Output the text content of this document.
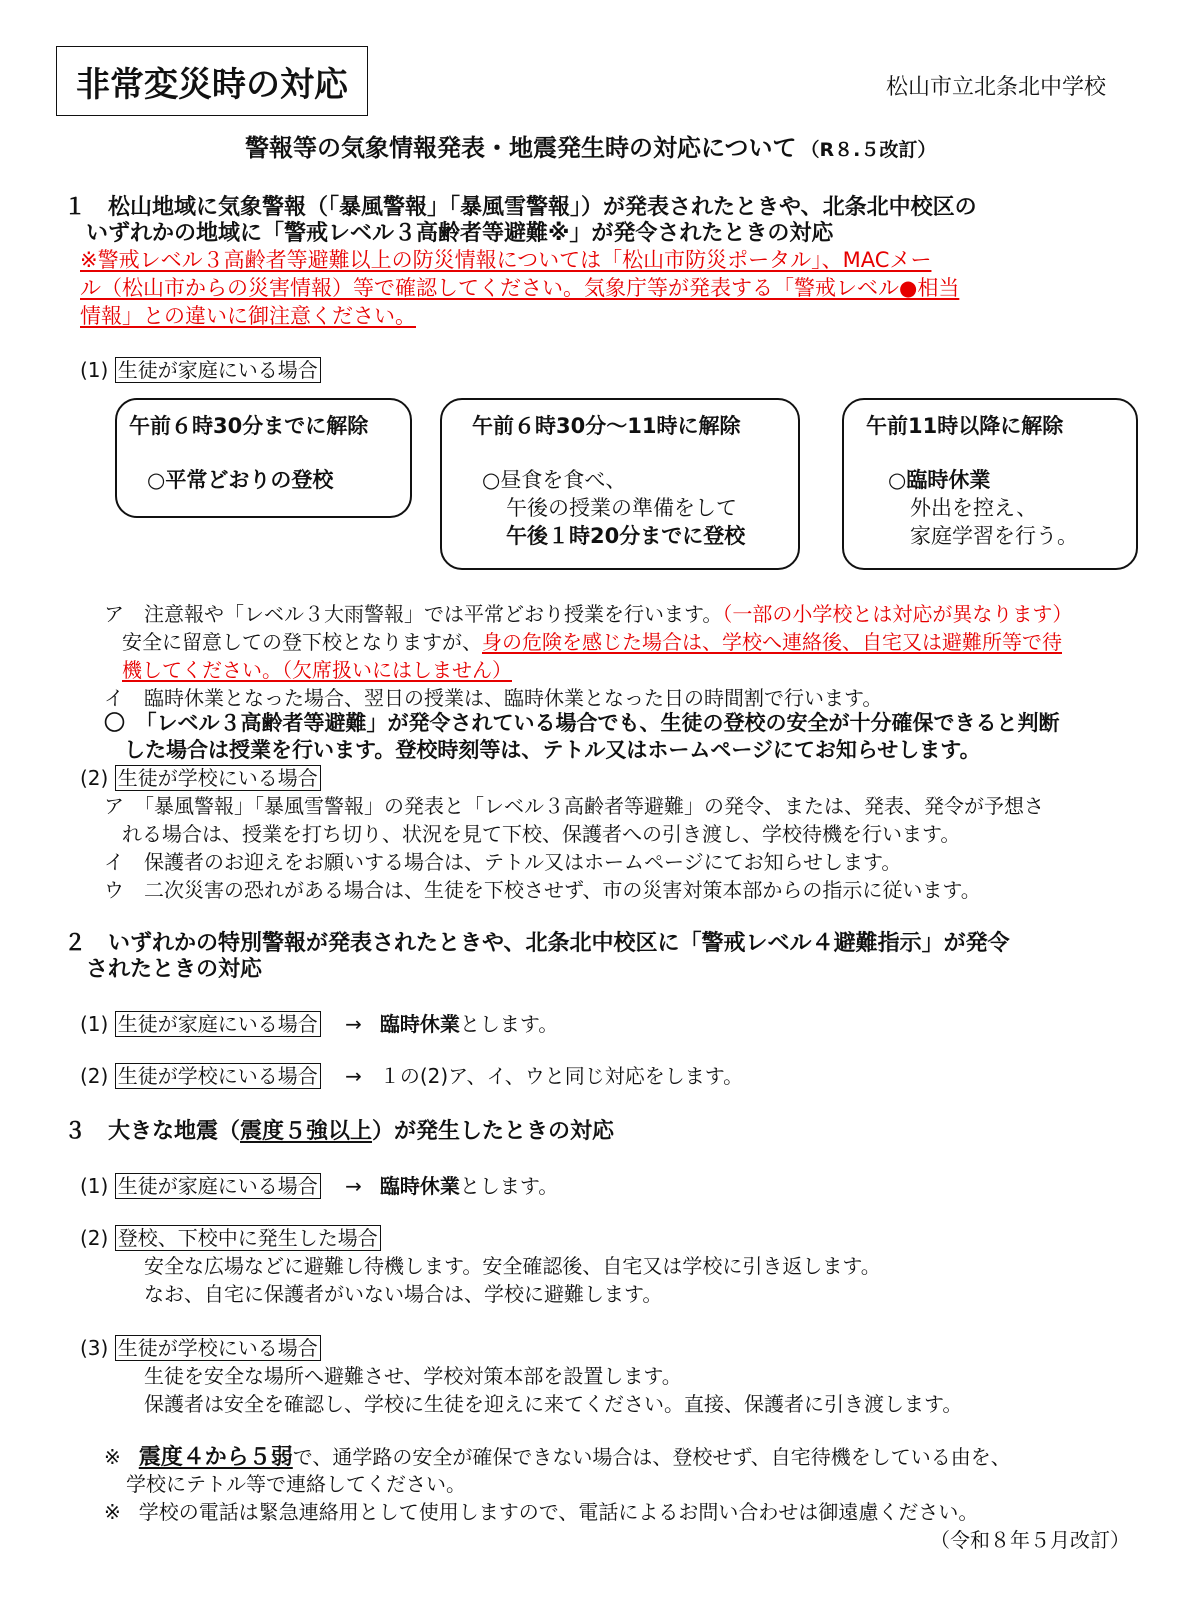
非常変災時の対応	松山市立北条北中学校
警報等の気象情報発表・地震発生時の対応について （R８.５改訂）
１　松山地域に気象警報（「暴風警報」「暴風雪警報」）が発表されたときや、北条北中校区の
いずれかの地域に「警戒レベル３高齢者等避難※」が発令されたときの対応
※警戒レベル３高齢者等避難以上の防災情報については「松山市防災ポータル」、MACメー
ル（松山市からの災害情報）等で確認してください。気象庁等が発表する「警戒レベル●相当
情報」との違いに御注意ください。
(1) 生徒が家庭にいる場合
午前６時30分までに解除
○平常どおりの登校
午前６時30分〜11時に解除
○昼食を食べ、
午後の授業の準備をして
午後１時20分までに登校
午前11時以降に解除
○臨時休業
外出を控え、
家庭学習を行う。
ア　注意報や「レベル３大雨警報」では平常どおり授業を行います。（一部の小学校とは対応が異なります）
安全に留意しての登下校となりますが、身の危険を感じた場合は、学校へ連絡後、自宅又は避難所等で待
機してください。（欠席扱いにはしません）
イ　臨時休業となった場合、翌日の授業は、臨時休業となった日の時間割で行います。
〇　「レベル３高齢者等避難」が発令されている場合でも、生徒の登校の安全が十分確保できると判断
した場合は授業を行います。登校時刻等は、テトル又はホームページにてお知らせします。
(2) 生徒が学校にいる場合
ア　「暴風警報」「暴風雪警報」の発表と「レベル３高齢者等避難」の発令、または、発表、発令が予想さ
れる場合は、授業を打ち切り、状況を見て下校、保護者への引き渡し、学校待機を行います。
イ　保護者のお迎えをお願いする場合は、テトル又はホームページにてお知らせします。
ウ　二次災害の恐れがある場合は、生徒を下校させず、市の災害対策本部からの指示に従います。
２　いずれかの特別警報が発表されたときや、北条北中校区に「警戒レベル４避難指示」が発令
されたときの対応
(1) 生徒が家庭にいる場合 → 臨時休業とします。
(2) 生徒が学校にいる場合 → １の(2)ア、イ、ウと同じ対応をします。
３　大きな地震（震度５強以上）が発生したときの対応
(1) 生徒が家庭にいる場合 → 臨時休業とします。
(2) 登校、下校中に発生した場合
安全な広場などに避難し待機します。安全確認後、自宅又は学校に引き返します。
なお、自宅に保護者がいない場合は、学校に避難します。
(3) 生徒が学校にいる場合
生徒を安全な場所へ避難させ、学校対策本部を設置します。
保護者は安全を確認し、学校に生徒を迎えに来てください。直接、保護者に引き渡します。
※ 震度４から５弱で、通学路の安全が確保できない場合は、登校せず、自宅待機をしている由を、
学校にテトル等で連絡してください。
※ 学校の電話は緊急連絡用として使用しますので、電話によるお問い合わせは御遠慮ください。
（令和８年５月改訂）
